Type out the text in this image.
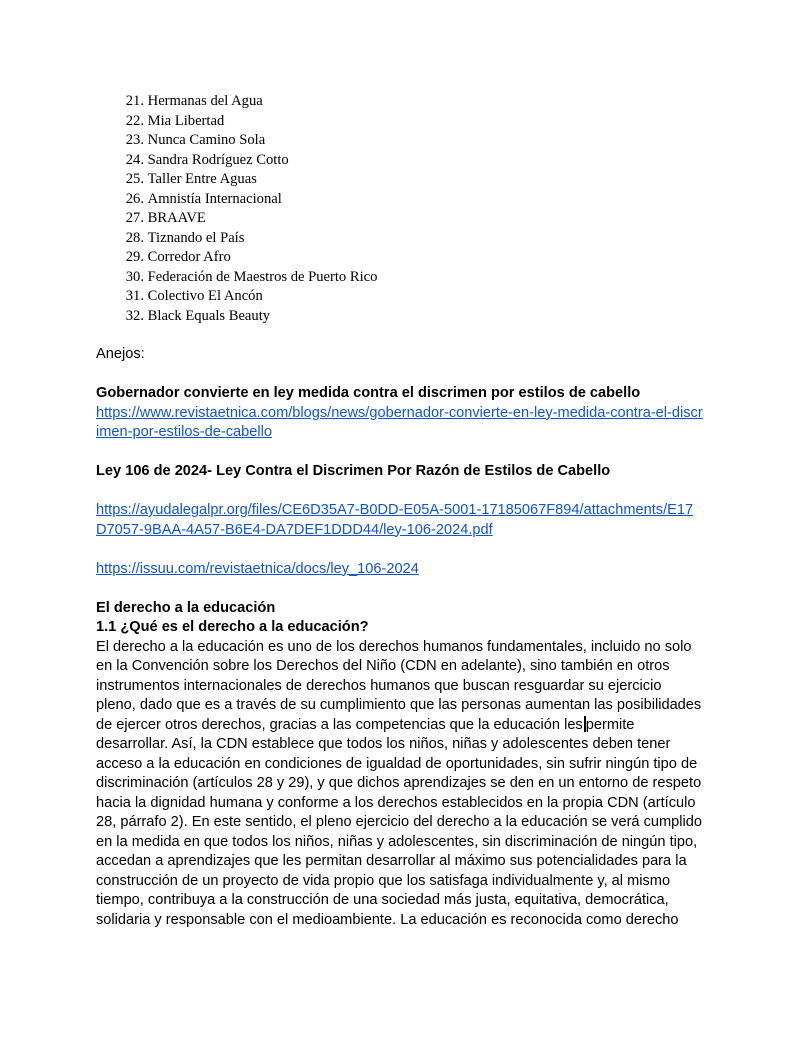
21. Hermanas del Agua
22. Mia Libertad
23. Nunca Camino Sola
24. Sandra Rodríguez Cotto
25. Taller Entre Aguas
26. Amnistía Internacional
27. BRAAVE
28. Tiznando el País
29. Corredor Afro
30. Federación de Maestros de Puerto Rico
31. Colectivo El Ancón
32. Black Equals Beauty
Anejos:
Gobernador convierte en ley medida contra el discrimen por estilos de cabello
https://www.revistaetnica.com/blogs/news/gobernador-convierte-en-ley-medida-contra-el-discr
imen-por-estilos-de-cabello
Ley 106 de 2024- Ley Contra el Discrimen Por Razón de Estilos de Cabello
https://ayudalegalpr.org/files/CE6D35A7-B0DD-E05A-5001-17185067F894/attachments/E17
D7057-9BAA-4A57-B6E4-DA7DEF1DDD44/ley-106-2024.pdf
https://issuu.com/revistaetnica/docs/ley_106-2024
El derecho a la educación
1.1 ¿Qué es el derecho a la educación?
El derecho a la educación es uno de los derechos humanos fundamentales, incluido no solo
en la Convención sobre los Derechos del Niño (CDN en adelante), sino también en otros
instrumentos internacionales de derechos humanos que buscan resguardar su ejercicio
pleno, dado que es a través de su cumplimiento que las personas aumentan las posibilidades
de ejercer otros derechos, gracias a las competencias que la educación les permite
desarrollar. Así, la CDN establece que todos los niños, niñas y adolescentes deben tener
acceso a la educación en condiciones de igualdad de oportunidades, sin sufrir ningún tipo de
discriminación (artículos 28 y 29), y que dichos aprendizajes se den en un entorno de respeto
hacia la dignidad humana y conforme a los derechos establecidos en la propia CDN (artículo
28, párrafo 2). En este sentido, el pleno ejercicio del derecho a la educación se verá cumplido
en la medida en que todos los niños, niñas y adolescentes, sin discriminación de ningún tipo,
accedan a aprendizajes que les permitan desarrollar al máximo sus potencialidades para la
construcción de un proyecto de vida propio que los satisfaga individualmente y, al mismo
tiempo, contribuya a la construcción de una sociedad más justa, equitativa, democrática,
solidaria y responsable con el medioambiente. La educación es reconocida como derecho
